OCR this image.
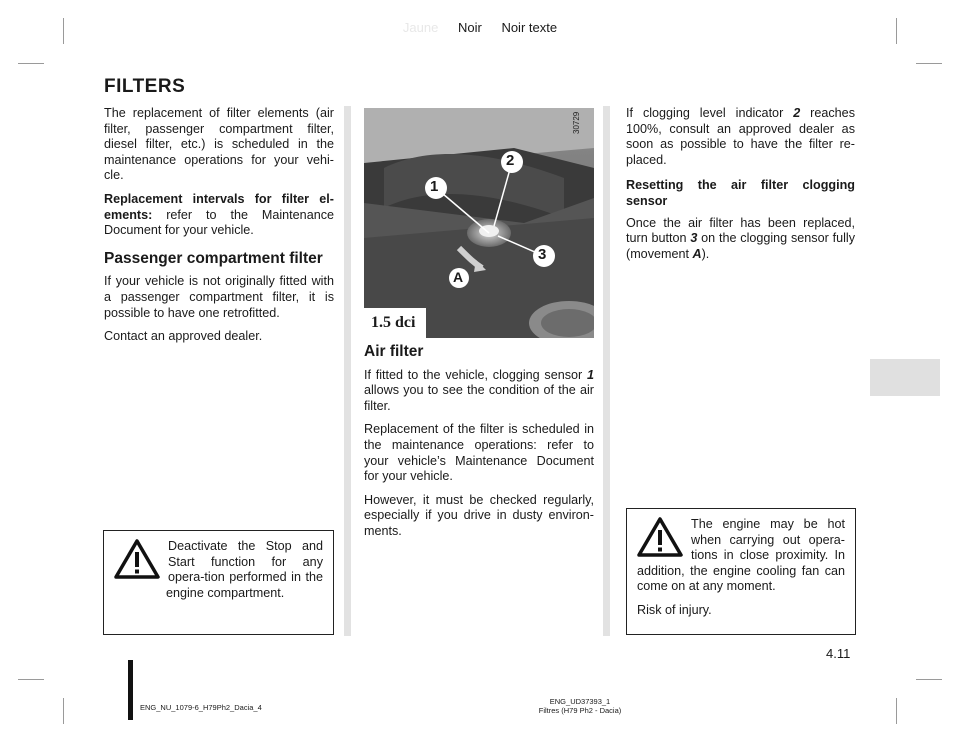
Jaune Noir Noir texte
FILTERS

The replacement of filter elements (air filter, passenger compartment filter, diesel filter, etc.) is scheduled in the maintenance operations for your vehi-cle.

Replacement intervals for filter el-ements: refer to the Maintenance Document for your vehicle.

Passenger compartment filter

If your vehicle is not originally fitted with a passenger compartment filter, it is possible to have one retrofitted.

Contact an approved dealer.

Deactivate the Stop and Start function for any opera-tion performed in the engine compartment.

1
2
3
A
1.5 dci
30729
Air filter

If fitted to the vehicle, clogging sensor 1 allows you to see the condition of the air filter.

Replacement of the filter is scheduled in the maintenance operations: refer to your vehicle’s Maintenance Document for your vehicle.

However, it must be checked regularly, especially if you drive in dusty environ-ments.

If clogging level indicator 2 reaches 100%, consult an approved dealer as soon as possible to have the filter re-placed.

Resetting the air filter clogging sensor

Once the air filter has been replaced, turn button 3 on the clogging sensor fully (movement A).

The engine may be hot when carrying out opera-tions in close proximity. In addition, the engine cooling fan can come on at any moment.

Risk of injury.

4.11
ENG_NU_1079-6_H79Ph2_Dacia_4
ENG_UD37393_1
Filtres (H79 Ph2 - Dacia)
